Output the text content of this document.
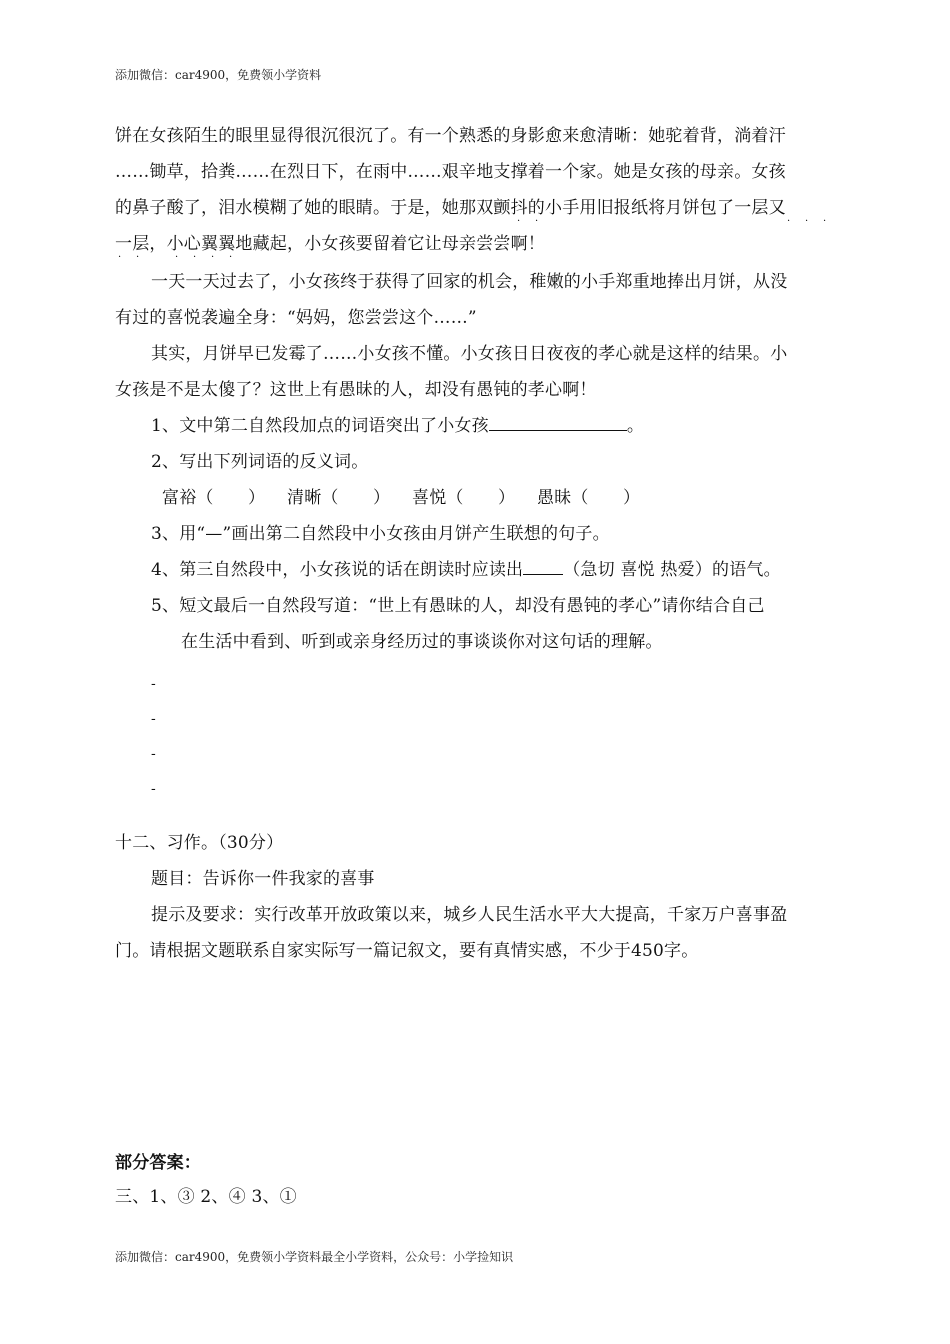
添加微信：car4900，免费领小学资料
饼在女孩陌生的眼里显得很沉很沉了。有一个熟悉的身影愈来愈清晰：她驼着背，淌着汗
……锄草，拾粪……在烈日下，在雨中……艰辛地支撑着一个家。她是女孩的母亲。女孩
的鼻子酸了，泪水模糊了她的眼睛。于是，她那双颤抖的小手用旧报纸将月饼包了一层又
一层，小心翼翼地藏起，小女孩要留着它让母亲尝尝啊！
· ·	· · ·
· ·	· · · ·
一天一天过去了，小女孩终于获得了回家的机会，稚嫩的小手郑重地捧出月饼，从没
有过的喜悦袭遍全身：“妈妈，您尝尝这个……”
其实，月饼早已发霉了……小女孩不懂。小女孩日日夜夜的孝心就是这样的结果。小
女孩是不是太傻了？这世上有愚昧的人，却没有愚钝的孝心啊！
1、文中第二自然段加点的词语突出了小女孩	。
2、写出下列词语的反义词。
富裕（　　） 清晰（　　） 喜悦（　　） 愚昧（　　）
3、用“—”画出第二自然段中小女孩由月饼产生联想的句子。
4、第三自然段中，小女孩说的话在朗读时应读出 （急切 喜悦 热爱）的语气。
5、短文最后一自然段写道：“世上有愚昧的人，却没有愚钝的孝心”请你结合自己
在生活中看到、听到或亲身经历过的事谈谈你对这句话的理解。
-
-
-
-
十二、习作。（30分）
题目：告诉你一件我家的喜事
提示及要求：实行改革开放政策以来，城乡人民生活水平大大提高，千家万户喜事盈
门。请根据文题联系自家实际写一篇记叙文，要有真情实感，不少于450字。
部分答案：
三、1、③ 2、④ 3、①
添加微信：car4900，免费领小学资料最全小学资料，公众号：小学捡知识
